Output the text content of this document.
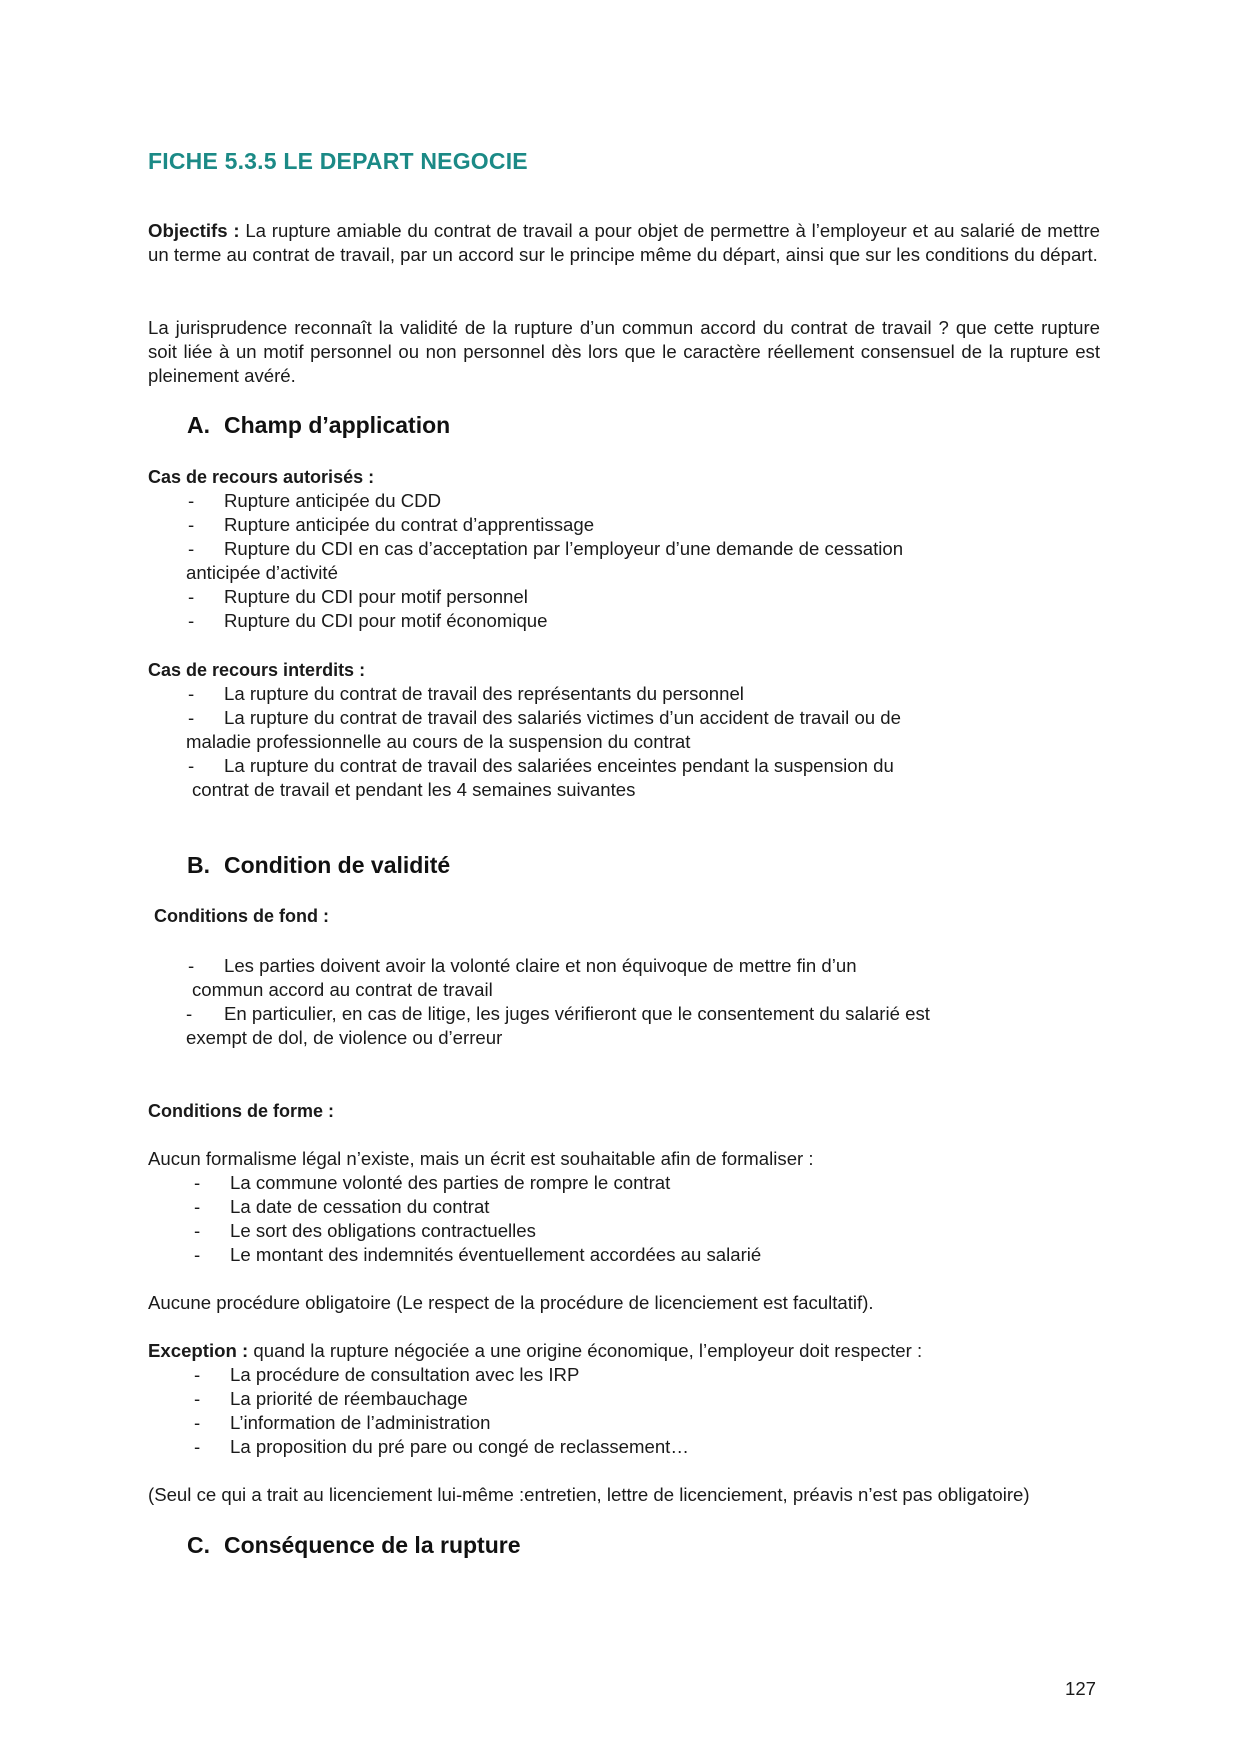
FICHE 5.3.5 LE DEPART NEGOCIE
Objectifs : La rupture amiable du contrat de travail a pour objet de permettre à l’employeur et au salarié de mettre un terme au contrat de travail, par un accord sur le principe même du départ, ainsi que sur les conditions du départ.
La jurisprudence reconnaît la validité de la rupture d’un commun accord du contrat de travail ? que cette rupture soit liée à un motif personnel ou non personnel dès lors que le caractère réellement consensuel de la rupture est pleinement avéré.
A. Champ d’application
Cas de recours autorisés :
- Rupture anticipée du CDD
- Rupture anticipée du contrat d’apprentissage
- Rupture du CDI en cas d’acceptation par l’employeur d’une demande de cessation
anticipée d’activité
- Rupture du CDI pour motif personnel
- Rupture du CDI pour motif économique
Cas de recours interdits :
- La rupture du contrat de travail des représentants du personnel
- La rupture du contrat de travail des salariés victimes d’un accident de travail ou de
maladie professionnelle au cours de la suspension du contrat
- La rupture du contrat de travail des salariées enceintes pendant la suspension du
contrat de travail et pendant les 4 semaines suivantes
B. Condition de validité
Conditions de fond :
- Les parties doivent avoir la volonté claire et non équivoque de mettre fin d’un
commun accord au contrat de travail
- En particulier, en cas de litige, les juges vérifieront que le consentement du salarié est
exempt de dol, de violence ou d’erreur
Conditions de forme :
Aucun formalisme légal n’existe, mais un écrit est souhaitable afin de formaliser :
- La commune volonté des parties de rompre le contrat
- La date de cessation du contrat
- Le sort des obligations contractuelles
- Le montant des indemnités éventuellement accordées au salarié
Aucune procédure obligatoire (Le respect de la procédure de licenciement est facultatif).
Exception : quand la rupture négociée a une origine économique, l’employeur doit respecter :
- La procédure de consultation avec les IRP
- La priorité de réembauchage
- L’information de l’administration
- La proposition du pré pare ou congé de reclassement…
(Seul ce qui a trait au licenciement lui-même :entretien, lettre de licenciement, préavis n’est pas obligatoire)
C. Conséquence de la rupture
127
